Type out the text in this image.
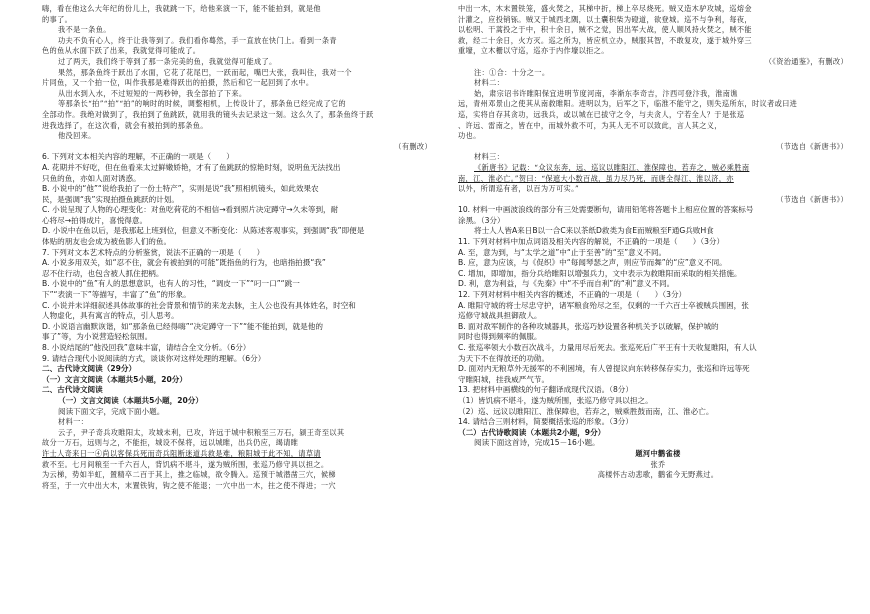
嗨，看在他这么大年纪的份儿上，我就跳一下，给他来演一下，能不能拍到，就是他
的事了。
我不是一条鱼。
功夫不负有心人，终于让我等到了。我们看你蓦然，手一直放在快门上。看到一条青
色的鱼从水面下跃了出来，我就觉得可能成了。
过了两天，我们终于等到了那一条完美的鱼，我就觉得可能成了。
果然，那条鱼终于跃出了水面，它花了花尾巴，一跃而起，嘴巴大张，我叫住，我对一个
片同鱼，又一个拍一位，叫作我那是难得跃出的拍摄，然后和它一起回到了水中。
从出水到入水，不过短短的一两秒钟，我全部拍了下来。
等那条长“拍”“拍”“拍”的响时的时候，调整相机，上传设计了，那条鱼已经完成了它的
全部动作。我绝对做到了，我拍到了鱼跳跃，就用我的镜头去记录这一刻。这么久了，那条鱼终于跃
进我选择了，在这次看，就会有被拍到的那条鱼。
他没回来。
（有删改）
6. 下列对文本相关内容的理解，不正确的一项是（　　）
A. 花期并不好吃，但在鱼看来太过鲜嫩娇艳，才有了鱼跳跃的惊艳时刻，说明鱼无法找出
只鱼的鱼，亦如人面对诱惑。
B. 小说中的“他”“说给我拍了一份土特产”，实则是说“我”照相机镜头，如此效果农
民，是强调“我”实现拍摄鱼跳跃的计划。
C. 小说呈现了人物的心理变化：对鱼吃荷花的不相信→看到照片决定蹲守→久未等到，耐
心将尽→拍得成片，喜悦得意。
D. 小说中在鱼以后，是我那起上班到位，但意义不断变化：从陈述客观事实，到强调“我”即便是
体贴的朋友也会成为被鱼影人们的鱼。
7. 下列对文本艺术特点的分析鉴赏，说法不正确的一项是（　　）
A. 小说多用双关，如“忍不住，就会有被拍到的可能”既指鱼的行为，也暗指拍摄“我”
忍不住行动，也包含被人抓住把柄。
B. 小说中的“鱼”有人的思想意识，也有人的习性，“调皮一下”“叼一口”“跳一
下”“表演一下”等描写，丰富了“鱼”的形象。
C. 小说并未详细叙述具体故事的社会背景和情节的来龙去脉，主人公也没有具体姓名，时空和
人物虚化，具有寓言的特点，引人思考。
D. 小说语言幽默诙谐，如“那条鱼已经得嗨”“决定蹲守一下”“能不能拍到，就是他的
事了”等，为小说营造轻松氛围。
8. 小说结尾的“他没回我”意味丰富，请结合全文分析。（6分）
9. 请结合现代小说阅读的方式，谈谈你对这样处理的理解。（6分）
二、古代诗文阅读（29分）
（一）文言文阅读（本题共5小题，20分）
二、古代诗文阅读
（一）文言文阅读（本题共5小题，20分）
阅读下面文字，完成下面小题。
材料一：
云子，尹子奇兵攻睢阳太，攻城未利，已攻，许远于城中积粮至三万石，颍王奇至以其
故分一万石，远则与之，不能拒，城设不保将，远以城睢，出兵仍应，竭请睢
许士人奇来日一④尚以客保兵死而奇兵阻断迷道兵救是难，粮阳城于此不知，请草请
救不至。七月间粮至一千六百人，背饥病不堪斗，遂为贼所围，张巡乃修守具以担之。
为云梯，势如半虹，置精卒二百于其上，推之临城，欲令腾入。巡预于城潜凿三穴，候梯
将至，于一穴中出大木，末置铁钩，钩之使不能退；一穴中出一木，拄之使不得进；一穴
中出一木，木末置铁笼，盛火焚之，其梯中折，梯上卒尽烧死。贼又造木驴攻城，巡熔金
汁灌之，应投销铄。贼又于城西北隅，以土囊积柴为磴道，欲登城。巡不与争利，每夜，
以松明、干蒿投之于中，积十余日，贼不之觉，因出军大战，使人顺风持火焚之，贼不能
救，经二十余日，火方灭。巡之所为，皆应机立办，贼服其智，不敢复攻，遂于城外穿三
重壕，立木栅以守巡，巡亦于内作壕以拒之。
（《资治通鉴》，有删改）
注：①合：十分之一。
材料二：
始，肃宗诏书许睢阳保宜进明节度河南，李渐东李奇吉，汴西可登汴我，淮南谯
远，青州邓景山之使其从南救睢阳。进明以为，后军之下，临淮不能守之，则失巡所东，时议者或曰进
巡，实将自存其贪功，远我兵，或以城在已拔守之令，与夫贪人，宁若全人？于是张巡
、许远、雷南之，皆在中，而城外救不可，为其人无不可以致此，言人其之义，
功也。
（节选自《新唐书》）
材料三：
《新唐书》记载：“众议东奔，远、巡议以睢阳江、淮保障也，若弃之，贼必乘胜南
南，江、淮必亡。”贺曰：“保遮大小数百战，虽力尽乃死，而唐全得江、淮以济，亦
以外，所谓巡有者，以百为万可实。”
（节选自《新唐书》）
10. 材料一中画波浪线的部分有三处需要断句，请用铅笔将答题卡上相应位置的答案标号
涂黑。（3分）
将士人人皆A来日B以一合C来以茶纸D救类为食E而贼粮至F通G兵败H食
11. 下列对材料中加点词语及相关内容的解说，不正确的一项是（　　）（3分）
A. 至，意为到，与“太学之道”中“止于至善”的“至”意义不同。
B. 应，意为应该，与《促织》中“每闻琴瑟之声，则应节而舞”的“应”意义不同。
C. 增加，即增加，指分兵给睢阳以增强兵力，文中表示为救睢阳而采取的相关措施。
D. 利，意为利益，与《先秦》中“不乎而自利”的“利”意义不同。
12. 下列对材料中相关内容的概述，不正确的一项是（　　）（3分）
A. 睢阳守城的将士尽忠守护，诸军粮食殆尽之至，仅剩的一千六百士卒被贼兵围困，张
巡修守城战具担御敌人。
B. 面对敌军制作的各种攻城器具，张巡巧妙设置各种机关予以破解，保护城的
同时也得到频率的佩服。
C. 张巡率领大小数百次战斗，力量用尽后死去。张巡死后广平王有十天收复睢阳，有人认
为天下不在得放还的功勋。
D. 面对内无粮草外无援军的不利困境，有人曾提议向东转移保存实力，张巡和许远等死
守睢阳城，挂我威严气节。
13. 把材料中画横线的句子翻译成现代汉语。（8分）
（1）皆饥病不堪斗，遂为贼所围，张巡乃修守具以担之。
（2）巡、远议以睢阳江、淮保障也，若弃之，贼乘胜鼓而南，江、淮必亡。
14. 请结合三则材料，简要概括张巡的形象。（3分）
（二）古代诗歌阅读（本题共2小题，9分）
阅读下面这首诗，完成15－16小题。
题河中鹳雀楼
张乔
高楼怀古动悲歌，鹳雀今无野燕过。
